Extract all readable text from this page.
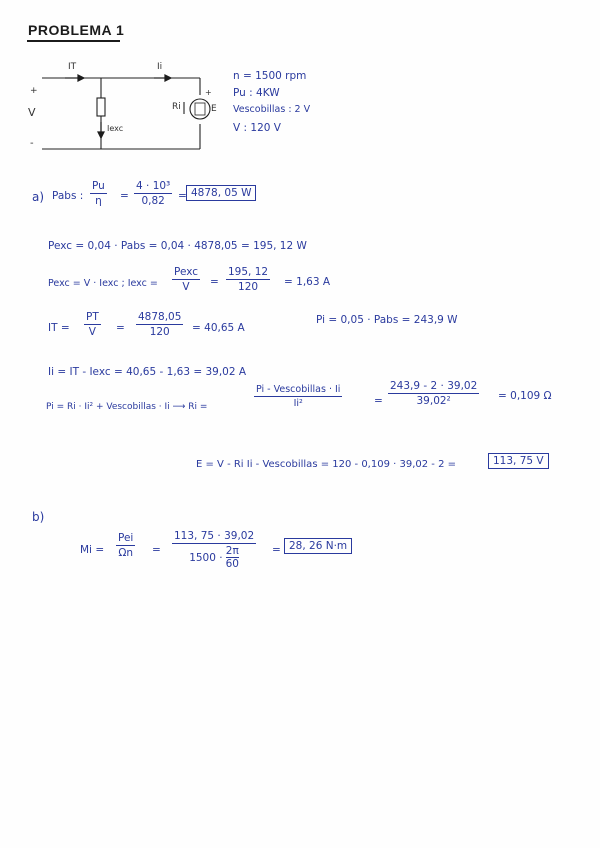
PROBLEMA 1
IT	Ii
+
V
-
Iexc
Ri	E
+
n = 1500 rpm
Pu : 4KW
Vescobillas : 2 V
V : 120 V
a) Pabs :
Pu
η =
4 · 10³
0,82 = 4878, 05 W
Pexc = 0,04 · Pabs = 0,04 · 4878,05 = 195, 12 W
Pexc = V · Iexc ; Iexc =
Pexc
V =
195, 12
120 = 1,63 A
IT =
PT
V =
4878,05
120 = 40,65 A
Pi = 0,05 · Pabs = 243,9 W
Ii = IT - Iexc = 40,65 - 1,63 = 39,02 A
Pi = Ri · Ii² + Vescobillas · Ii ⟶ Ri =
Pi - Vescobillas · Ii
Ii²	=
243,9 - 2 · 39,02
39,02²	= 0,109 Ω
E = V - Ri Ii - Vescobillas = 120 - 0,109 · 39,02 - 2 =	113, 75 V
b)
Mi =
Pei
Ωn =
113, 75 · 39,02
1500 ·
2π
60
= 28, 26 N·m
